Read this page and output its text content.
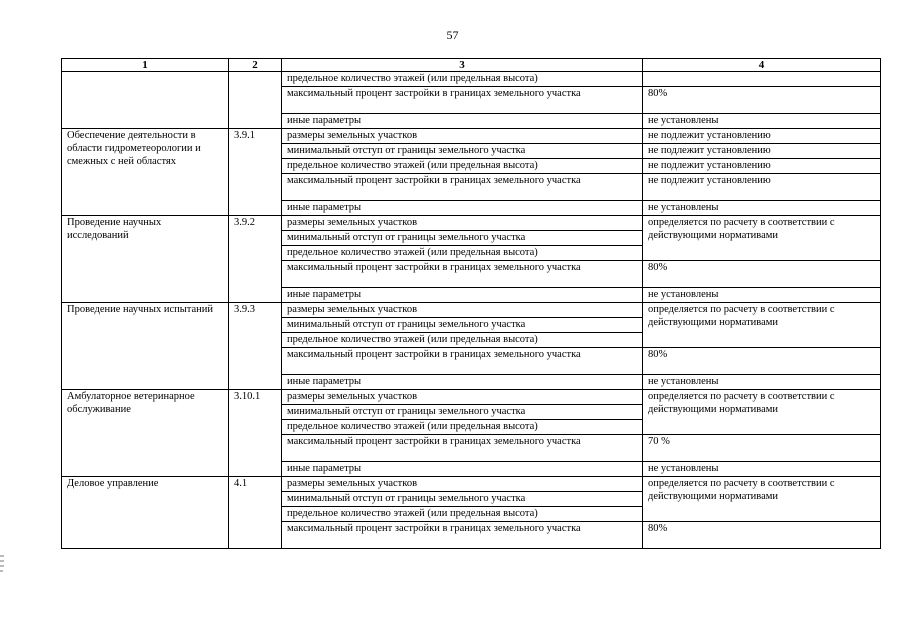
57
1	2	3	4
		предельное количество этажей (или предельная высота)	
		максимальный процент застройки в границах земельного участка	80%
		иные параметры	не установлены
Обеспечение деятельности в области гидрометеорологии и смежных с ней областях	3.9.1	размеры земельных участков	не подлежит установлению
		минимальный отступ от границы земельного участка	не подлежит установлению
		предельное количество этажей (или предельная высота)	не подлежит установлению
		максимальный процент застройки в границах земельного участка	не подлежит установлению
		иные параметры	не установлены
Проведение научных исследований	3.9.2	размеры земельных участков	определяется по расчету в соответствии с действующими нормативами
		минимальный отступ от границы земельного участка	
		предельное количество этажей (или предельная высота)	
		максимальный процент застройки в границах земельного участка	80%
		иные параметры	не установлены
Проведение научных испытаний	3.9.3	размеры земельных участков	определяется по расчету в соответствии с действующими нормативами
		минимальный отступ от границы земельного участка	
		предельное количество этажей (или предельная высота)	
		максимальный процент застройки в границах земельного участка	80%
		иные параметры	не установлены
Амбулаторное ветеринарное обслуживание	3.10.1	размеры земельных участков	определяется по расчету в соответствии с действующими нормативами
		минимальный отступ от границы земельного участка	
		предельное количество этажей (или предельная высота)	
		максимальный процент застройки в границах земельного участка	70 %
		иные параметры	не установлены
Деловое управление	4.1	размеры земельных участков	определяется по расчету в соответствии с действующими нормативами
		минимальный отступ от границы земельного участка	
		предельное количество этажей (или предельная высота)	
		максимальный процент застройки в границах земельного участка	80%
